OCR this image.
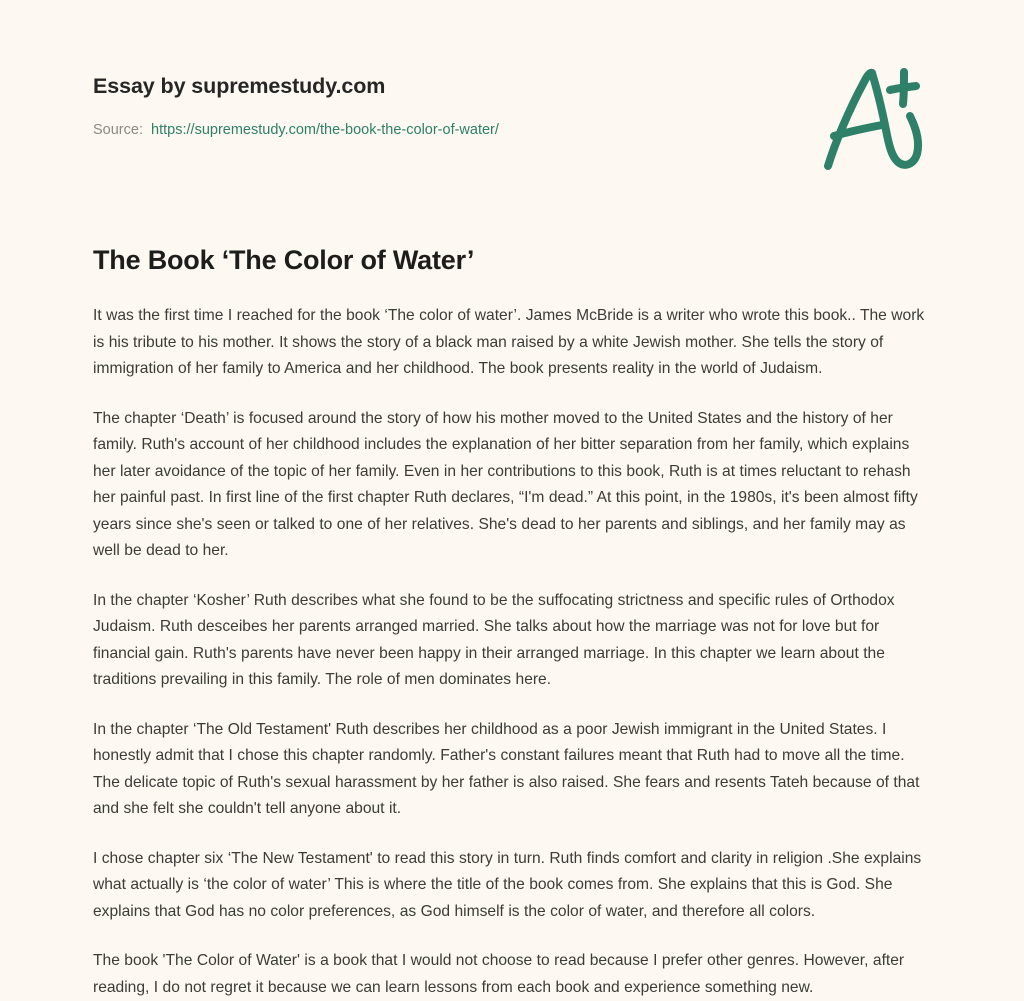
Essay by supremestudy.com
Source: https://supremestudy.com/the-book-the-color-of-water/
The Book ‘The Color of Water’

It was the first time I reached for the book ‘The color of water’. James McBride is a writer who wrote this book.. The work is his tribute to his mother. It shows the story of a black man raised by a white Jewish mother. She tells the story of immigration of her family to America and her childhood. The book presents reality in the world of Judaism.

The chapter ‘Death’ is focused around the story of how his mother moved to the United States and the history of her family. Ruth's account of her childhood includes the explanation of her bitter separation from her family, which explains her later avoidance of the topic of her family. Even in her contributions to this book, Ruth is at times reluctant to rehash her painful past. In first line of the first chapter Ruth declares, “I'm dead.” At this point, in the 1980s, it's been almost fifty years since she's seen or talked to one of her relatives. She's dead to her parents and siblings, and her family may as well be dead to her.

In the chapter ‘Kosher’ Ruth describes what she found to be the suffocating strictness and specific rules of Orthodox Judaism. Ruth desceibes her parents arranged married. She talks about how the marriage was not for love but for financial gain. Ruth's parents have never been happy in their arranged marriage. In this chapter we learn about the traditions prevailing in this family. The role of men dominates here.

In the chapter ‘The Old Testament' Ruth describes her childhood as a poor Jewish immigrant in the United States. I honestly admit that I chose this chapter randomly. Father's constant failures meant that Ruth had to move all the time. The delicate topic of Ruth's sexual harassment by her father is also raised. She fears and resents Tateh because of that and she felt she couldn't tell anyone about it.

I chose chapter six ‘The New Testament' to read this story in turn. Ruth finds comfort and clarity in religion .She explains what actually is ‘the color of water’ This is where the title of the book comes from. She explains that this is God. She explains that God has no color preferences, as God himself is the color of water, and therefore all colors.

The book 'The Color of Water' is a book that I would not choose to read because I prefer other genres. However, after reading, I do not regret it because we can learn lessons from each book and experience something new.
